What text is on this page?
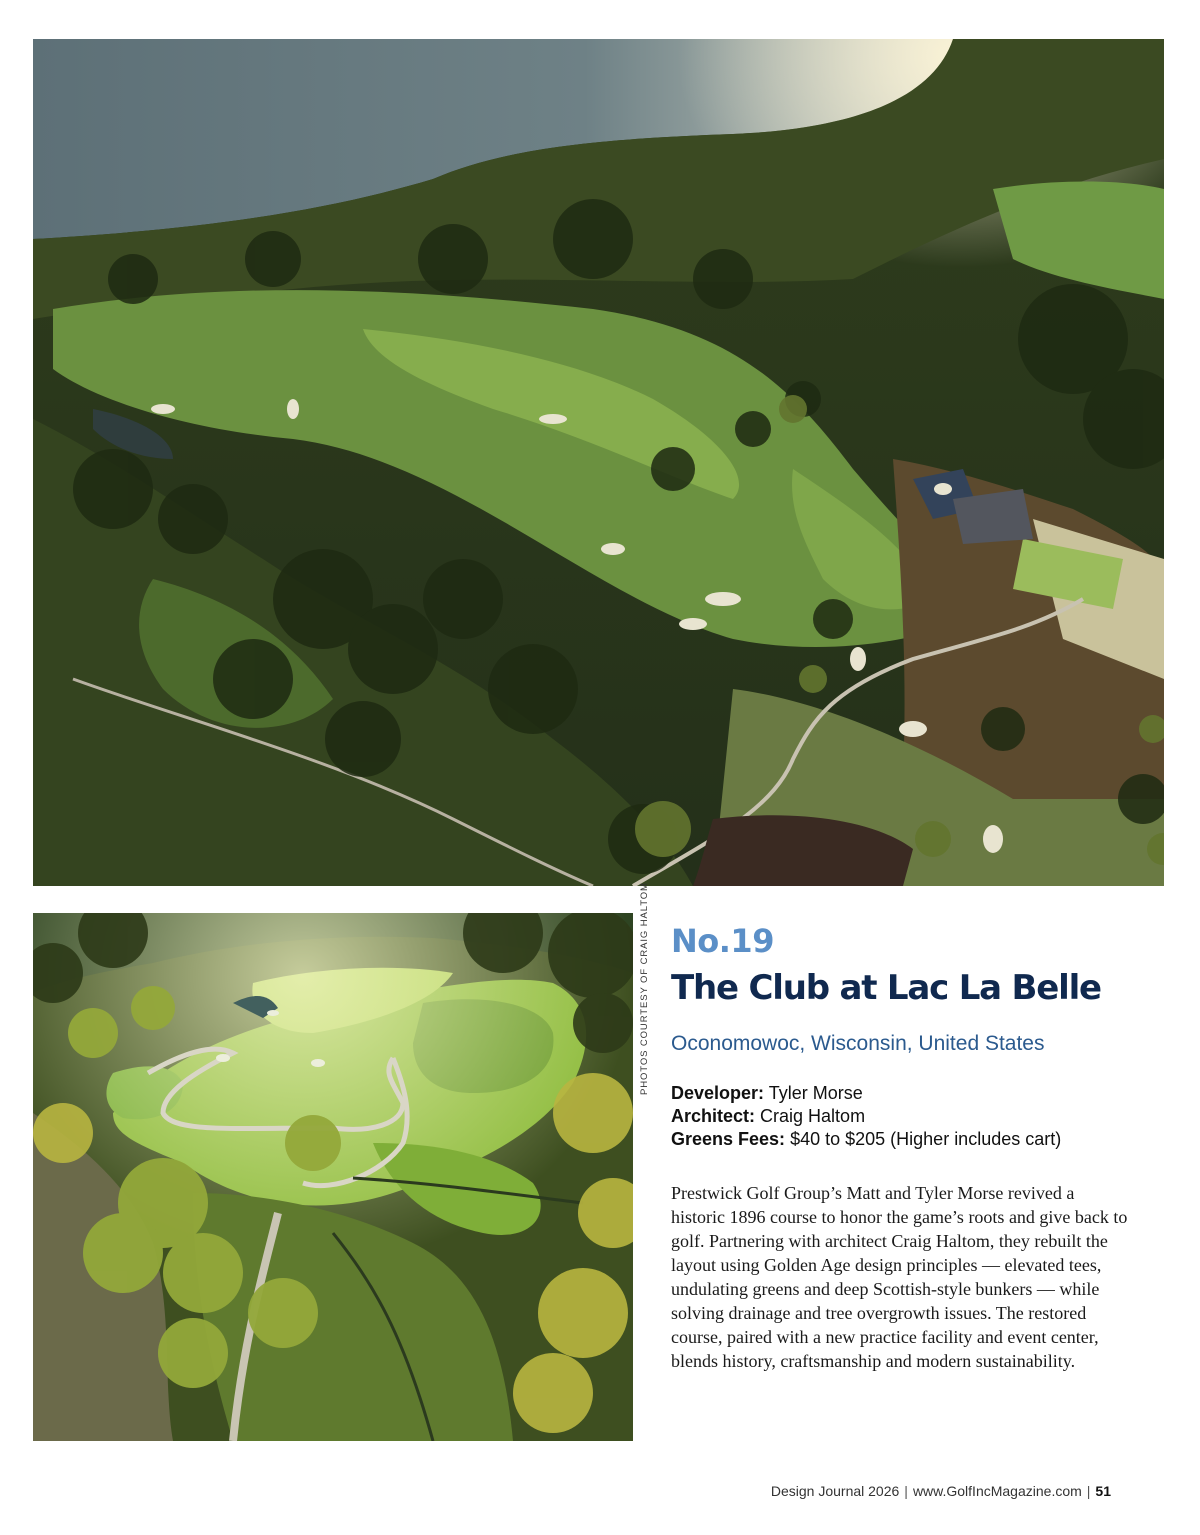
PHOTOS COURTESY OF CRAIG HALTOM No.19
The Club at Lac La Belle
Oconomowoc, Wisconsin, United States
Developer: Tyler Morse
Architect: Craig Haltom
Greens Fees: $40 to $205 (Higher includes cart)

Prestwick Golf Group’s Matt and Tyler Morse revived a historic 1896 course to honor the game’s roots and give back to golf. Partnering with architect Craig Haltom, they rebuilt the layout using Golden Age design principles — elevated tees, undulating greens and deep Scottish-style bunkers — while solving drainage and tree overgrowth issues. The restored course, paired with a new practice facility and event center, blends history, craftsmanship and modern sustainability.

Design Journal 2026 | www.GolfIncMagazine.com | 51
